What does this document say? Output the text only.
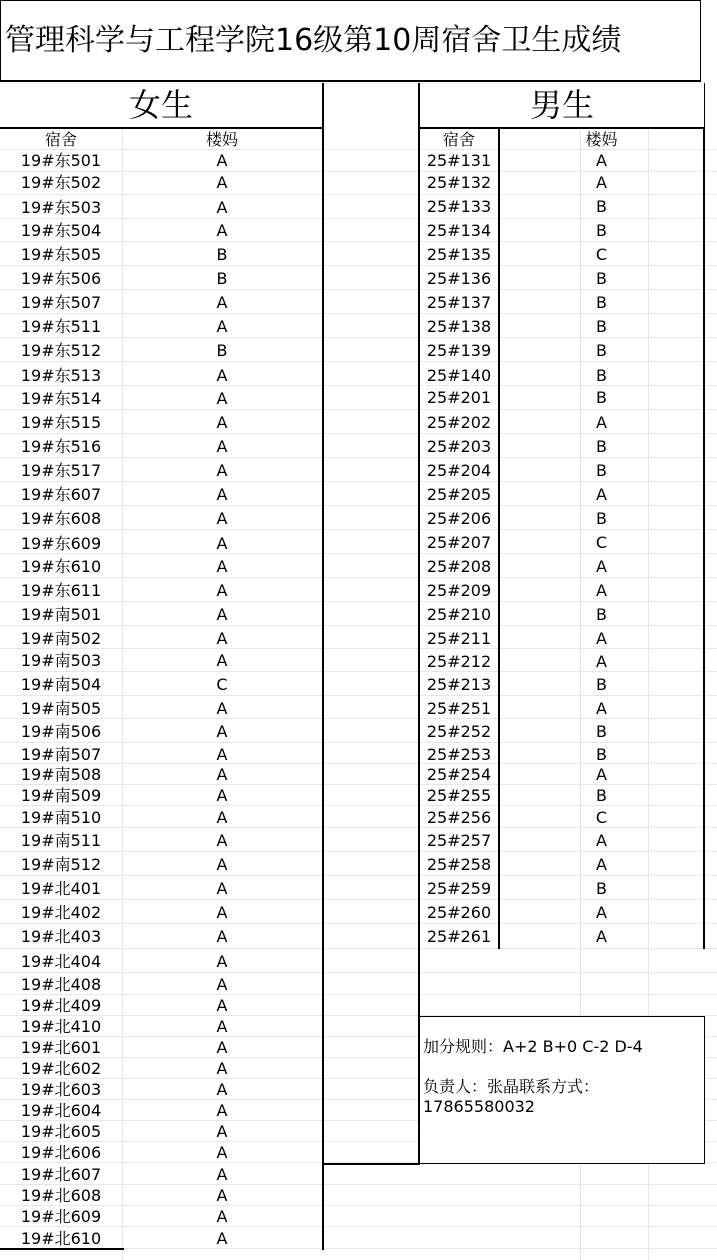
管理科学与工程学院16级第10周宿舍卫生成绩
女生	男生
宿舍	楼妈	宿舍	楼妈
19#东501	A
19#东502	A
19#东503	A
19#东504	A
19#东505	B
19#东506	B
19#东507	A
19#东511	A
19#东512	B
19#东513	A
19#东514	A
19#东515	A
19#东516	A
19#东517	A
19#东607	A
19#东608	A
19#东609	A
19#东610	A
19#东611	A
19#南501	A
19#南502	A
19#南503	A
19#南504	C
19#南505	A
19#南506	A
19#南507	A
19#南508	A
19#南509	A
19#南510	A
19#南511	A
19#南512	A
19#北401	A
19#北402	A
19#北403	A
19#北404	A
19#北408	A
19#北409	A
19#北410	A
19#北601	A
19#北602	A
19#北603	A
19#北604	A
19#北605	A
19#北606	A
19#北607	A
19#北608	A
19#北609	A
19#北610	A
25#131	A
25#132	A
25#133	B
25#134	B
25#135	C
25#136	B
25#137	B
25#138	B
25#139	B
25#140	B
25#201	B
25#202	A
25#203	B
25#204	B
25#205	A
25#206	B
25#207	C
25#208	A
25#209	A
25#210	B
25#211	A
25#212	A
25#213	B
25#251	A
25#252	B
25#253	B
25#254	A
25#255	B
25#256	C
25#257	A
25#258	A
25#259	B
25#260	A
25#261	A
加分规则：A+2 B+0 C-2 D-4
负责人：张晶联系方式：
17865580032
